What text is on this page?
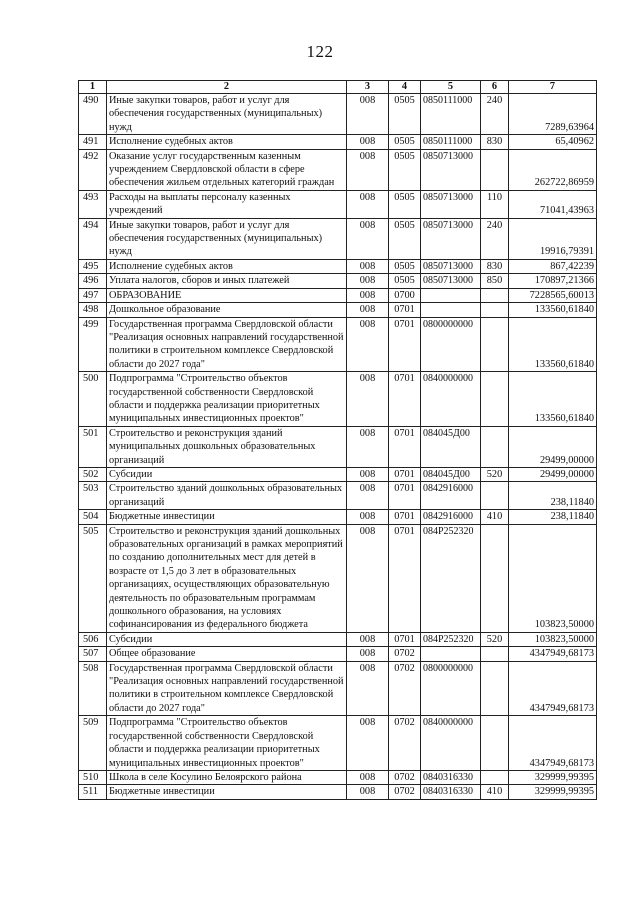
122
1	2	3	4	5	6	7
490	Иные закупки товаров, работ и услуг для обеспечения государственных (муниципальных) нужд	008	0505	0850111000	240	7289,63964
491	Исполнение судебных актов	008	0505	0850111000	830	65,40962
492	Оказание услуг государственным казенным учреждением Свердловской области в сфере обеспечения жильем отдельных категорий граждан	008	0505	0850713000		262722,86959
493	Расходы на выплаты персоналу казенных учреждений	008	0505	0850713000	110	71041,43963
494	Иные закупки товаров, работ и услуг для обеспечения государственных (муниципальных) нужд	008	0505	0850713000	240	19916,79391
495	Исполнение судебных актов	008	0505	0850713000	830	867,42239
496	Уплата налогов, сборов и иных платежей	008	0505	0850713000	850	170897,21366
497	ОБРАЗОВАНИЕ	008	0700			7228565,60013
498	Дошкольное образование	008	0701			133560,61840
499	Государственная программа Свердловской области "Реализация основных направлений государственной политики в строительном комплексе Свердловской области до 2027 года"	008	0701	0800000000		133560,61840
500	Подпрограмма "Строительство объектов государственной собственности Свердловской области и поддержка реализации приоритетных муниципальных инвестиционных проектов"	008	0701	0840000000		133560,61840
501	Строительство и реконструкция зданий муниципальных дошкольных образовательных организаций	008	0701	084045Д00		29499,00000
502	Субсидии	008	0701	084045Д00	520	29499,00000
503	Строительство зданий дошкольных образовательных организаций	008	0701	0842916000		238,11840
504	Бюджетные инвестиции	008	0701	0842916000	410	238,11840
505	Строительство и реконструкция зданий дошкольных образовательных организаций в рамках мероприятий по созданию дополнительных мест для детей в возрасте от 1,5 до 3 лет в образовательных организациях, осуществляющих образовательную деятельность по образовательным программам дошкольного образования, на условиях софинансирования из федерального бюджета	008	0701	084P252320		103823,50000
506	Субсидии	008	0701	084P252320	520	103823,50000
507	Общее образование	008	0702			4347949,68173
508	Государственная программа Свердловской области "Реализация основных направлений государственной политики в строительном комплексе Свердловской области до 2027 года"	008	0702	0800000000		4347949,68173
509	Подпрограмма "Строительство объектов государственной собственности Свердловской области и поддержка реализации приоритетных муниципальных инвестиционных проектов"	008	0702	0840000000		4347949,68173
510	Школа в селе Косулино Белоярского района	008	0702	0840316330		329999,99395
511	Бюджетные инвестиции	008	0702	0840316330	410	329999,99395
